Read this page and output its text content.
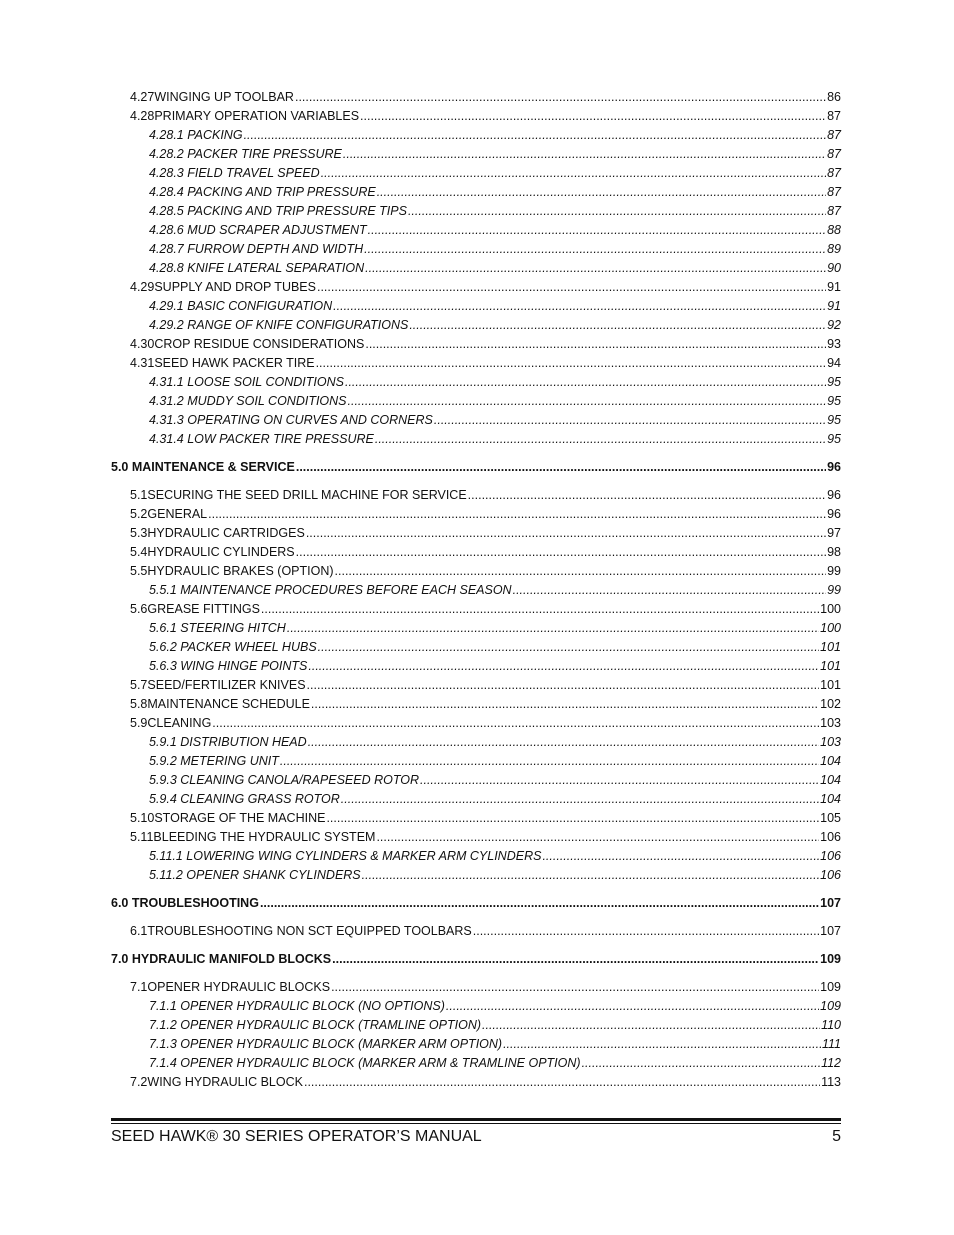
4.27 WINGING UP TOOLBAR .....	86
4.28 PRIMARY OPERATION VARIABLES .....	87
4.28.1 PACKING .....	87
4.28.2 PACKER TIRE PRESSURE .....	87
4.28.3 FIELD TRAVEL SPEED .....	87
4.28.4 PACKING AND TRIP PRESSURE .....	87
4.28.5 PACKING AND TRIP PRESSURE TIPS .....	87
4.28.6 MUD SCRAPER ADJUSTMENT .....	88
4.28.7 FURROW DEPTH AND WIDTH .....	89
4.28.8 KNIFE LATERAL SEPARATION .....	90
4.29 SUPPLY AND DROP TUBES .....	91
4.29.1 BASIC CONFIGURATION .....	91
4.29.2 RANGE OF KNIFE CONFIGURATIONS .....	92
4.30 CROP RESIDUE CONSIDERATIONS .....	93
4.31 SEED HAWK PACKER TIRE .....	94
4.31.1 LOOSE SOIL CONDITIONS .....	95
4.31.2 MUDDY SOIL CONDITIONS .....	95
4.31.3 OPERATING ON CURVES AND CORNERS .....	95
4.31.4 LOW PACKER TIRE PRESSURE .....	95
5.0 MAINTENANCE & SERVICE .....	96
5.1 SECURING THE SEED DRILL MACHINE FOR SERVICE .....	96
5.2 GENERAL .....	96
5.3 HYDRAULIC CARTRIDGES .....	97
5.4 HYDRAULIC CYLINDERS .....	98
5.5 HYDRAULIC BRAKES (OPTION) .....	99
5.5.1 MAINTENANCE PROCEDURES BEFORE EACH SEASON .....	99
5.6 GREASE FITTINGS .....	100
5.6.1 STEERING HITCH .....	100
5.6.2 PACKER WHEEL HUBS .....	101
5.6.3 WING HINGE POINTS .....	101
5.7 SEED/FERTILIZER KNIVES .....	101
5.8 MAINTENANCE SCHEDULE .....	102
5.9 CLEANING .....	103
5.9.1 DISTRIBUTION HEAD .....	103
5.9.2 METERING UNIT .....	104
5.9.3 CLEANING CANOLA/RAPESEED ROTOR .....	104
5.9.4 CLEANING GRASS ROTOR .....	104
5.10 STORAGE OF THE MACHINE .....	105
5.11 BLEEDING THE HYDRAULIC SYSTEM .....	106
5.11.1 LOWERING WING CYLINDERS & MARKER ARM CYLINDERS .....	106
5.11.2 OPENER SHANK CYLINDERS .....	106
6.0 TROUBLESHOOTING .....	107
6.1 TROUBLESHOOTING NON SCT EQUIPPED TOOLBARS .....	107
7.0 HYDRAULIC MANIFOLD BLOCKS .....	109
7.1 OPENER HYDRAULIC BLOCKS .....	109
7.1.1 OPENER HYDRAULIC BLOCK (NO OPTIONS) .....	109
7.1.2 OPENER HYDRAULIC BLOCK (TRAMLINE OPTION) .....	110
7.1.3 OPENER HYDRAULIC BLOCK (MARKER ARM OPTION) .....	111
7.1.4 OPENER HYDRAULIC BLOCK (MARKER ARM & TRAMLINE OPTION) .....	112
7.2 WING HYDRAULIC BLOCK .....	113
SEED HAWK® 30 SERIES OPERATOR’S MANUAL	5
